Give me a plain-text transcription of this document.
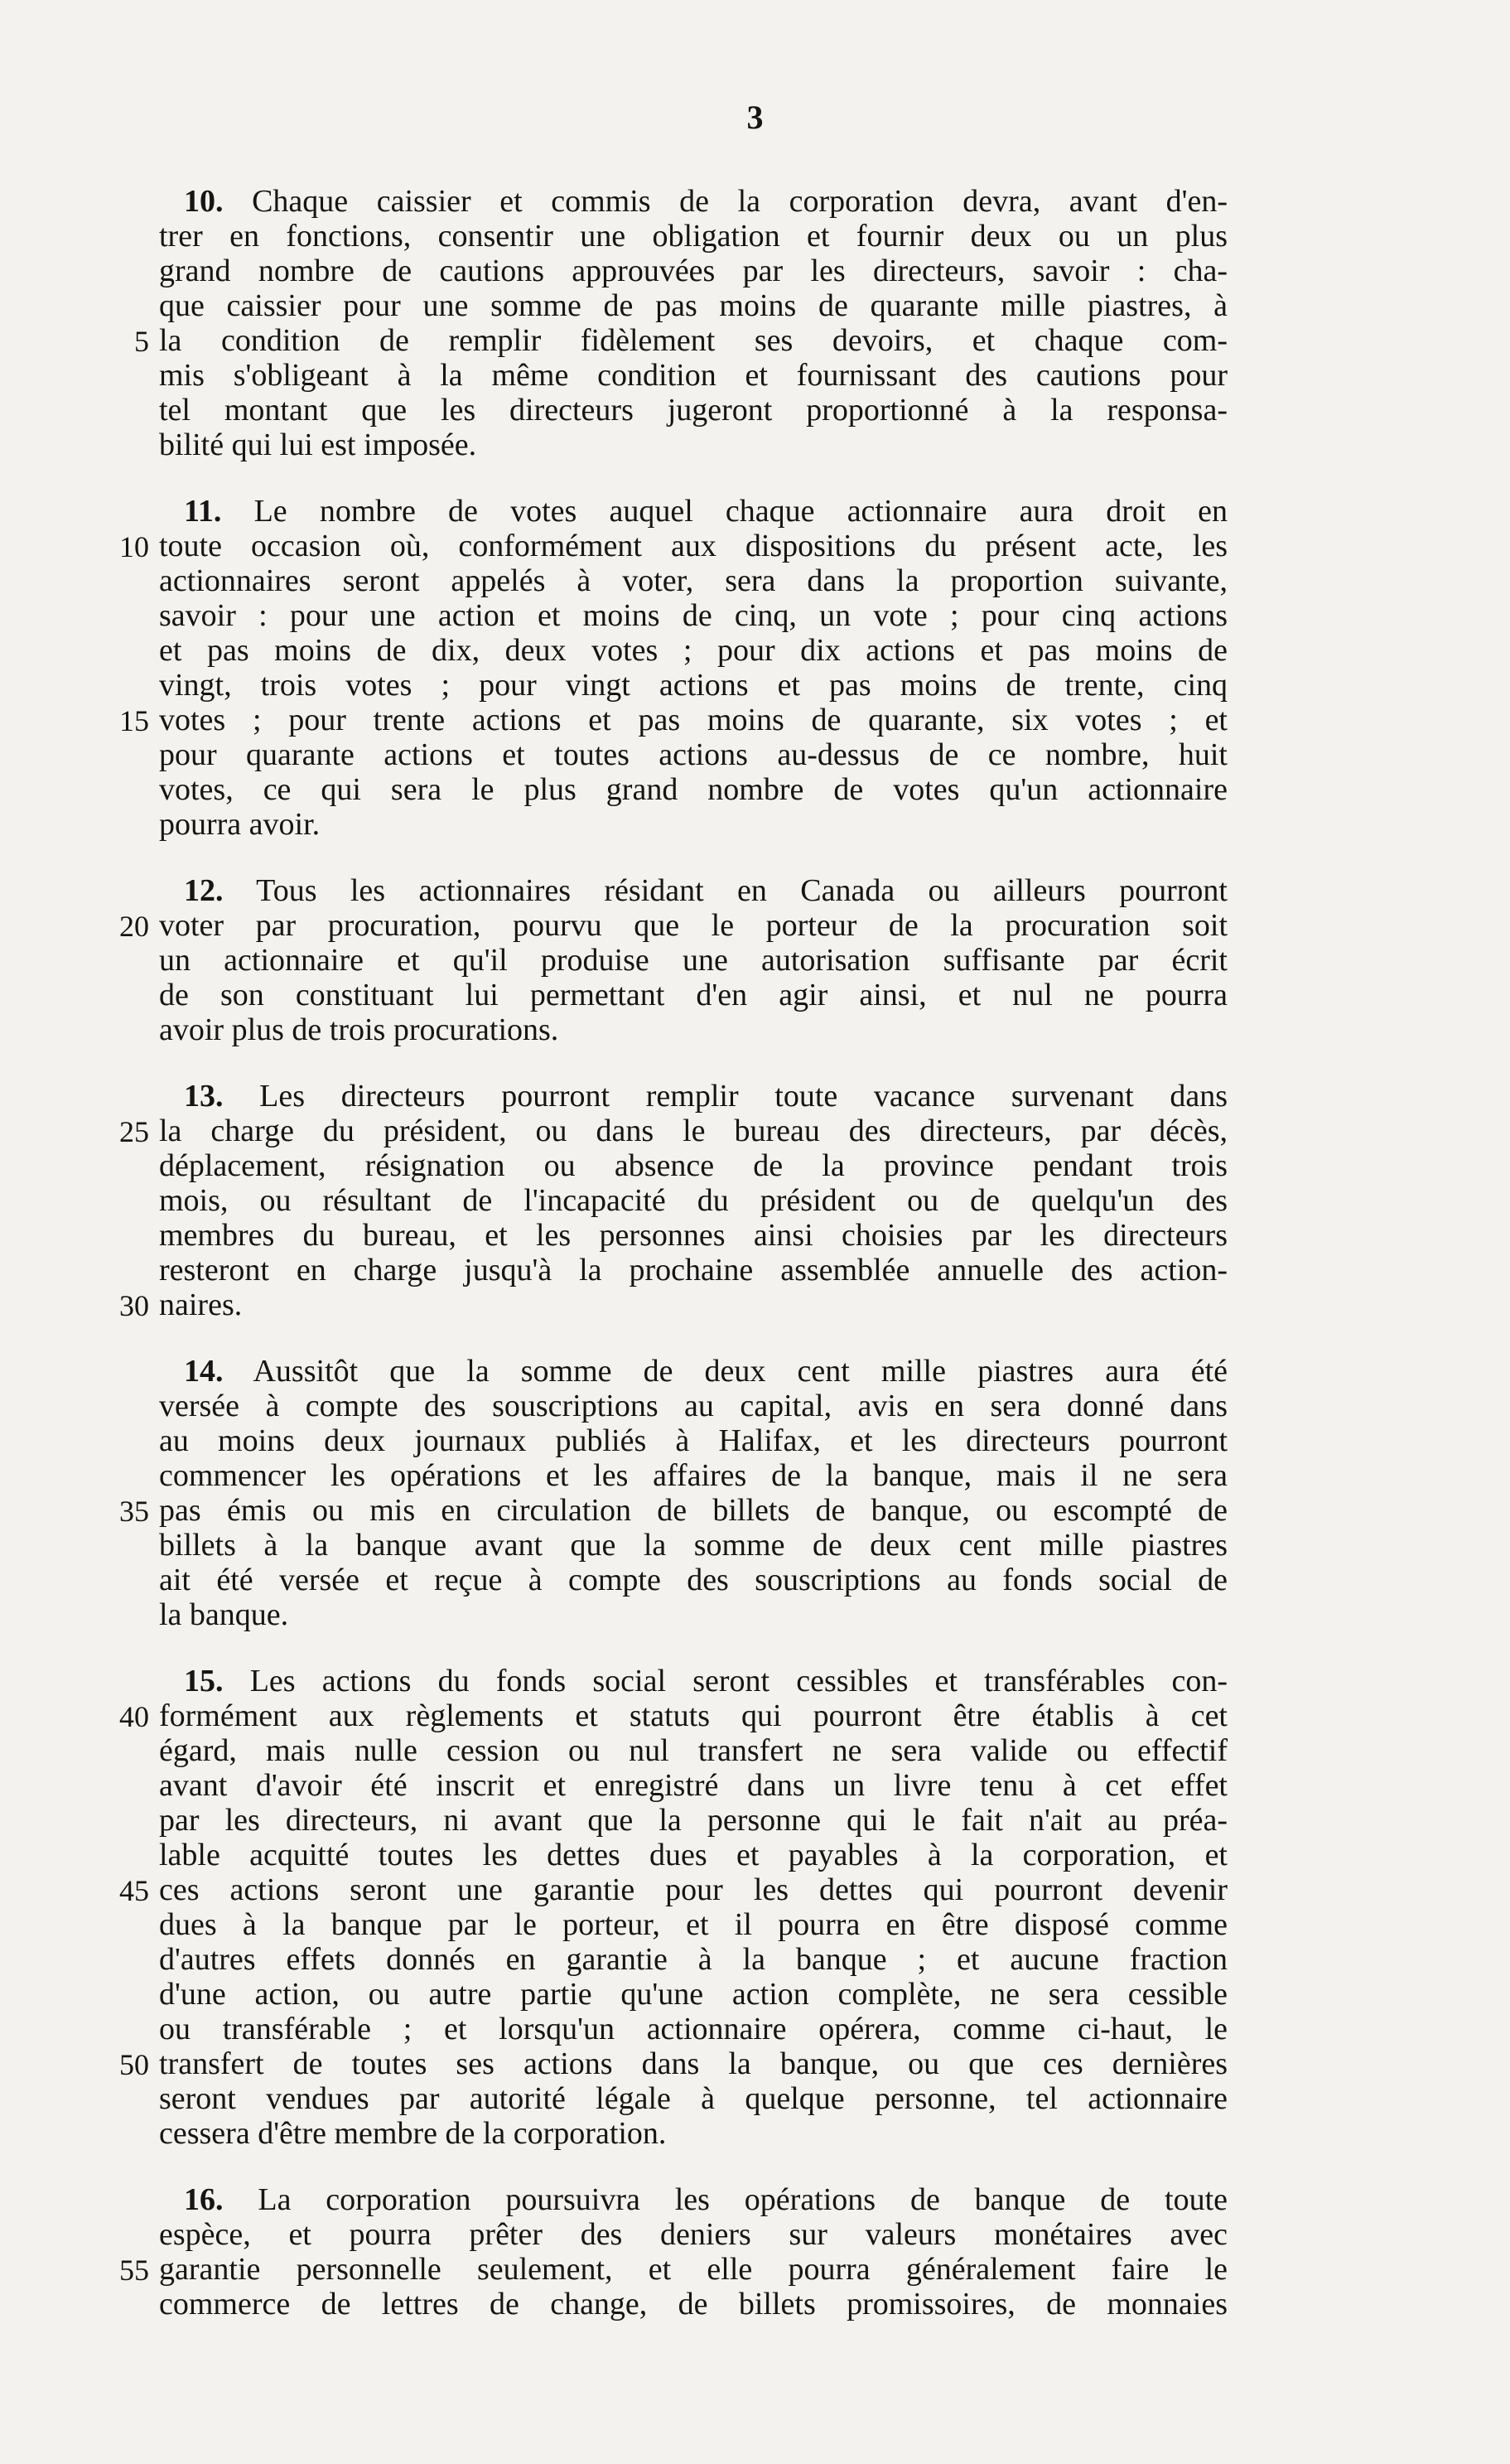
3
10. Chaque caissier et commis de la corporation devra, avant d'en-
trer en fonctions, consentir une obligation et fournir deux ou un plus
grand nombre de cautions approuvées par les directeurs, savoir : cha-
que caissier pour une somme de pas moins de quarante mille piastres, à
5 la condition de remplir fidèlement ses devoirs, et chaque com-
mis s'obligeant à la même condition et fournissant des cautions pour
tel montant que les directeurs jugeront proportionné à la responsa-
bilité qui lui est imposée.
11. Le nombre de votes auquel chaque actionnaire aura droit en
10 toute occasion où, conformément aux dispositions du présent acte, les
actionnaires seront appelés à voter, sera dans la proportion suivante,
savoir : pour une action et moins de cinq, un vote ; pour cinq actions
et pas moins de dix, deux votes ; pour dix actions et pas moins de
vingt, trois votes ; pour vingt actions et pas moins de trente, cinq
15 votes ; pour trente actions et pas moins de quarante, six votes ; et
pour quarante actions et toutes actions au-dessus de ce nombre, huit
votes, ce qui sera le plus grand nombre de votes qu'un actionnaire
pourra avoir.
12. Tous les actionnaires résidant en Canada ou ailleurs pourront
20 voter par procuration, pourvu que le porteur de la procuration soit
un actionnaire et qu'il produise une autorisation suffisante par écrit
de son constituant lui permettant d'en agir ainsi, et nul ne pourra
avoir plus de trois procurations.
13. Les directeurs pourront remplir toute vacance survenant dans
25 la charge du président, ou dans le bureau des directeurs, par décès,
déplacement, résignation ou absence de la province pendant trois
mois, ou résultant de l'incapacité du président ou de quelqu'un des
membres du bureau, et les personnes ainsi choisies par les directeurs
resteront en charge jusqu'à la prochaine assemblée annuelle des action-
30 naires.
14. Aussitôt que la somme de deux cent mille piastres aura été
versée à compte des souscriptions au capital, avis en sera donné dans
au moins deux journaux publiés à Halifax, et les directeurs pourront
commencer les opérations et les affaires de la banque, mais il ne sera
35 pas émis ou mis en circulation de billets de banque, ou escompté de
billets à la banque avant que la somme de deux cent mille piastres
ait été versée et reçue à compte des souscriptions au fonds social de
la banque.
15. Les actions du fonds social seront cessibles et transférables con-
40 formément aux règlements et statuts qui pourront être établis à cet
égard, mais nulle cession ou nul transfert ne sera valide ou effectif
avant d'avoir été inscrit et enregistré dans un livre tenu à cet effet
par les directeurs, ni avant que la personne qui le fait n'ait au préa-
lable acquitté toutes les dettes dues et payables à la corporation, et
45 ces actions seront une garantie pour les dettes qui pourront devenir
dues à la banque par le porteur, et il pourra en être disposé comme
d'autres effets donnés en garantie à la banque ; et aucune fraction
d'une action, ou autre partie qu'une action complète, ne sera cessible
ou transférable ; et lorsqu'un actionnaire opérera, comme ci-haut, le
50 transfert de toutes ses actions dans la banque, ou que ces dernières
seront vendues par autorité légale à quelque personne, tel actionnaire
cessera d'être membre de la corporation.
16. La corporation poursuivra les opérations de banque de toute
espèce, et pourra prêter des deniers sur valeurs monétaires avec
55 garantie personnelle seulement, et elle pourra généralement faire le
commerce de lettres de change, de billets promissoires, de monnaies
